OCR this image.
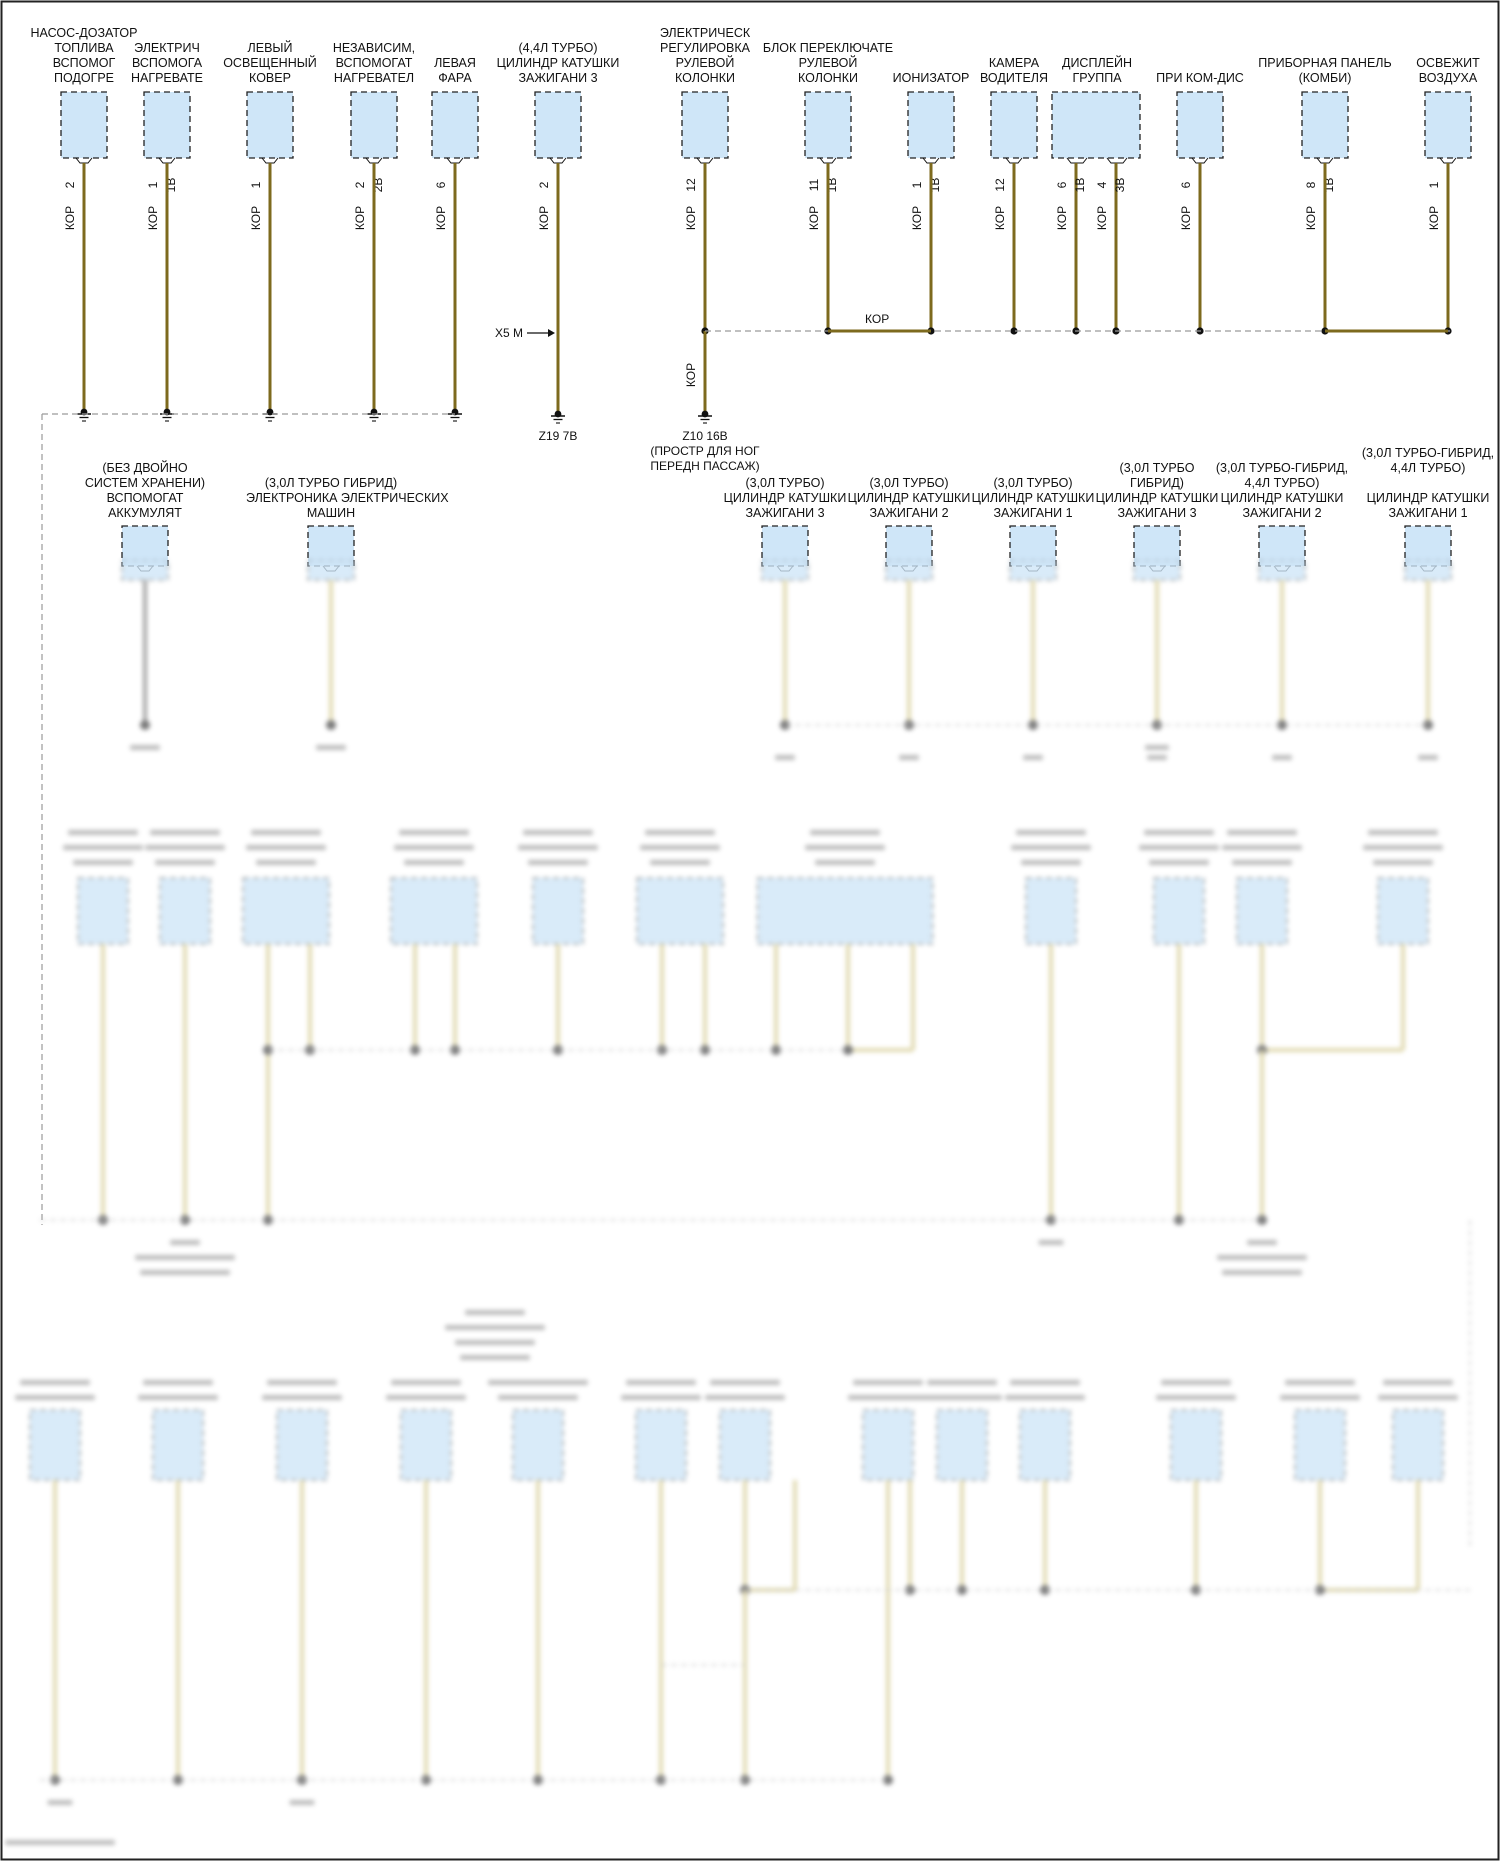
2
КОР
1 1В
КОР
1
КОР
2 2В
КОР
6
КОР
2
КОР
12
КОР
11 1В
КОР
1 1В
КОР
12
КОР
6 1В 4 3В
КОР КОР
6
КОР
8 1В
КОР
1
КОР
КОР
КОР
X5 M
Z19 7В	Z10 16В
(ПРОСТР ДЛЯ НОГ
ПЕРЕДН ПАССАЖ)
НАСОС-ДОЗАТОР
ТОПЛИВА
ВСПОМОГ
ПОДОГРЕ
ЭЛЕКТРИЧ
ВСПОМОГА
НАГРЕВАТЕ
ЛЕВЫЙ
ОСВЕЩЕННЫЙ
КОВЕР
НЕЗАВИСИМ,
ВСПОМОГАТ
НАГРЕВАТЕЛ
ЛЕВАЯ
ФАРА
(4,4Л ТУРБО)
ЦИЛИНДР КАТУШКИ
ЗАЖИГАНИ 3
ЭЛЕКТРИЧЕСК
РЕГУЛИРОВКА
РУЛЕВОЙ
КОЛОНКИ
БЛОК ПЕРЕКЛЮЧАТЕ
РУЛЕВОЙ
КОЛОНКИ	ИОНИЗАТОР
КАМЕРА
ВОДИТЕЛЯ
ДИСПЛЕЙН
ГРУППА	ПРИ КОМ-ДИС
ПРИБОРНАЯ ПАНЕЛЬ
(КОМБИ)
ОСВЕЖИТ
ВОЗДУХА
(БЕЗ ДВОЙНО
СИСТЕМ ХРАНЕНИ)
ВСПОМОГАТ
АККУМУЛЯТ
(3,0Л ТУРБО ГИБРИД)
ЭЛЕКТРОНИКА ЭЛЕКТРИЧЕСКИХ
МАШИН
(3,0Л ТУРБО)
ЦИЛИНДР КАТУШКИ
ЗАЖИГАНИ 3
(3,0Л ТУРБО)
ЦИЛИНДР КАТУШКИ
ЗАЖИГАНИ 2
(3,0Л ТУРБО)
ЦИЛИНДР КАТУШКИ
ЗАЖИГАНИ 1
(3,0Л ТУРБО
ГИБРИД)
ЦИЛИНДР КАТУШКИ
ЗАЖИГАНИ 3
(3,0Л ТУРБО-ГИБРИД,
4,4Л ТУРБО)
ЦИЛИНДР КАТУШКИ
ЗАЖИГАНИ 2
(3,0Л ТУРБО-ГИБРИД,
4,4Л ТУРБО)

ЦИЛИНДР КАТУШКИ
ЗАЖИГАНИ 1
